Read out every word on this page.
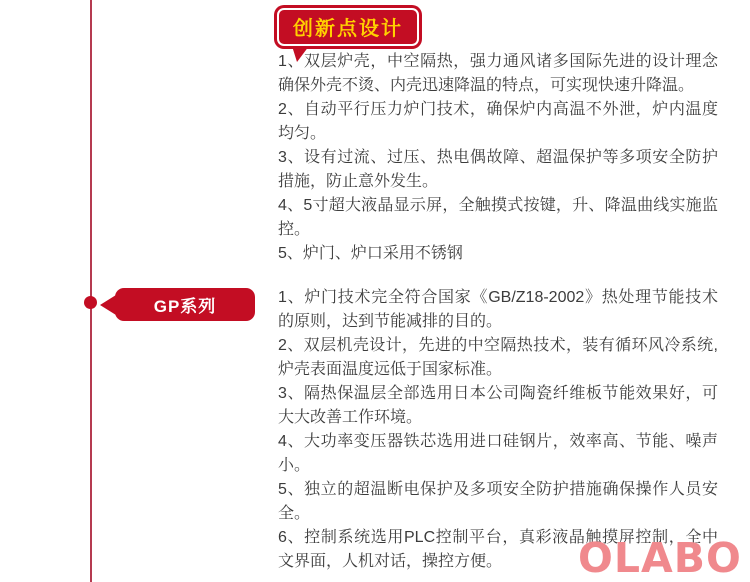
创新点设计

1、双层炉壳，中空隔热，强力通风诸多国际先进的设计理念确保外壳不烫、内壳迅速降温的特点，可实现快速升降温。

2、自动平行压力炉门技术，确保炉内高温不外泄，炉内温度均匀。

3、设有过流、过压、热电偶故障、超温保护等多项安全防护措施，防止意外发生。

4、5寸超大液晶显示屏，全触摸式按键，升、降温曲线实施监控。

5、炉门、炉口采用不锈钢

GP系列	1、炉门技术完全符合国家《GB/Z18-2002》热处理节能技术的原则，达到节能减排的目的。

2、双层机壳设计，先进的中空隔热技术，装有循环风冷系统,炉壳表面温度远低于国家标准。

3、隔热保温层全部选用日本公司陶瓷纤维板节能效果好，可大大改善工作环境。

4、大功率变压器铁芯选用进口硅钢片，效率高、节能、噪声小。

5、独立的超温断电保护及多项安全防护措施确保操作人员安全。

6、控制系统选用PLC控制平台，真彩液晶触摸屏控制，全中文界面，人机对话，操控方便。	OLABO
